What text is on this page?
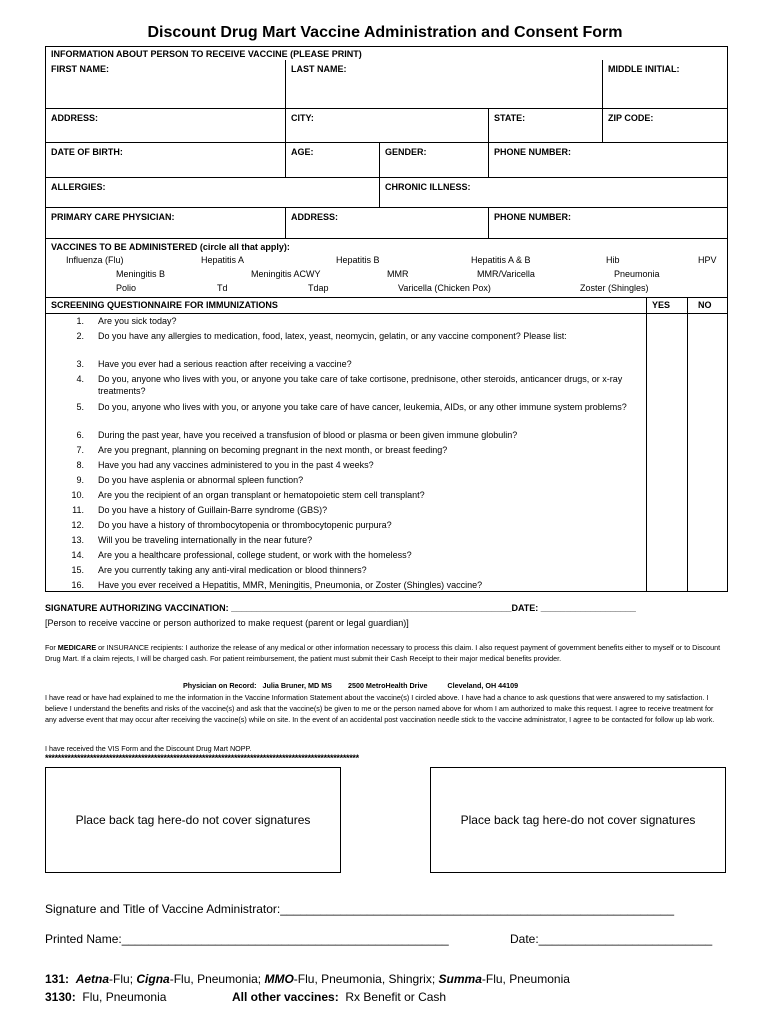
Discount Drug Mart Vaccine Administration and Consent Form
INFORMATION ABOUT PERSON TO RECEIVE VACCINE (PLEASE PRINT)
FIRST NAME:	LAST NAME:	MIDDLE INITIAL:
ADDRESS:	CITY:	STATE:	ZIP CODE:
DATE OF BIRTH:	AGE:	GENDER:	PHONE NUMBER:
ALLERGIES:	CHRONIC ILLNESS:
PRIMARY CARE PHYSICIAN:	ADDRESS:	PHONE NUMBER:
VACCINES TO BE ADMINISTERED (circle all that apply):
Influenza (Flu)	Hepatitis A	Hepatitis B	Hepatitis A & B	Hib	HPV
Meningitis B	Meningitis ACWY	MMR	MMR/Varicella	Pneumonia
Polio	Td	Tdap	Varicella (Chicken Pox)	Zoster (Shingles)
SCREENING QUESTIONNAIRE FOR IMMUNIZATIONS	YES	NO
1. Are you sick today?
2. Do you have any allergies to medication, food, latex, yeast, neomycin, gelatin, or any vaccine component? Please list:
3. Have you ever had a serious reaction after receiving a vaccine?
4. Do you, anyone who lives with you, or anyone you take care of take cortisone, prednisone, other steroids, anticancer drugs, or x-ray treatments?
5. Do you, anyone who lives with you, or anyone you take care of have cancer, leukemia, AIDs, or any other immune system problems?
6. During the past year, have you received a transfusion of blood or plasma or been given immune globulin?
7. Are you pregnant, planning on becoming pregnant in the next month, or breast feeding?
8. Have you had any vaccines administered to you in the past 4 weeks?
9. Do you have asplenia or abnormal spleen function?
10. Are you the recipient of an organ transplant or hematopoietic stem cell transplant?
11. Do you have a history of Guillain-Barre syndrome (GBS)?
12. Do you have a history of thrombocytopenia or thrombocytopenic purpura?
13. Will you be traveling internationally in the near future?
14. Are you a healthcare professional, college student, or work with the homeless?
15. Are you currently taking any anti-viral medication or blood thinners?
16. Have you ever received a Hepatitis, MMR, Meningitis, Pneumonia, or Zoster (Shingles) vaccine?
SIGNATURE AUTHORIZING VACCINATION: ________________________________________________________DATE: ___________________
[Person to receive vaccine or person authorized to make request (parent or legal guardian)]
For MEDICARE or INSURANCE recipients: I authorize the release of any medical or other information necessary to process this claim. I also request payment of government benefits either to myself or to Discount Drug Mart. If a claim rejects, I will be charged cash. For patient reimbursement, the patient must submit their Cash Receipt to their major medical benefits provider.
Physician on Record:   Julia Bruner, MD MS        2500 MetroHealth Drive          Cleveland, OH 44109
I have read or have had explained to me the information in the Vaccine Information Statement about the vaccine(s) I circled above. I have had a chance to ask questions that were answered to my satisfaction. I believe I understand the benefits and risks of the vaccine(s) and ask that the vaccine(s) be given to me or the person named above for whom I am authorized to make this request. I agree to receive treatment for any adverse event that may occur after receiving the vaccine(s) while on site. In the event of an accidental post vaccination needle stick to the vaccine administrator, I agree to be contacted for follow up lab work.
I have received the VIS Form and the Discount Drug Mart NOPP.
**************************************************************************************************
Place back tag here-do not cover signatures	Place back tag here-do not cover signatures
Signature and Title of Vaccine Administrator:___________________________________________________________
Printed Name:_________________________________________________	Date:__________________________
131: Aetna-Flu; Cigna-Flu, Pneumonia; MMO-Flu, Pneumonia, Shingrix; Summa-Flu, Pneumonia
3130: Flu, Pneumonia	All other vaccines: Rx Benefit or Cash
